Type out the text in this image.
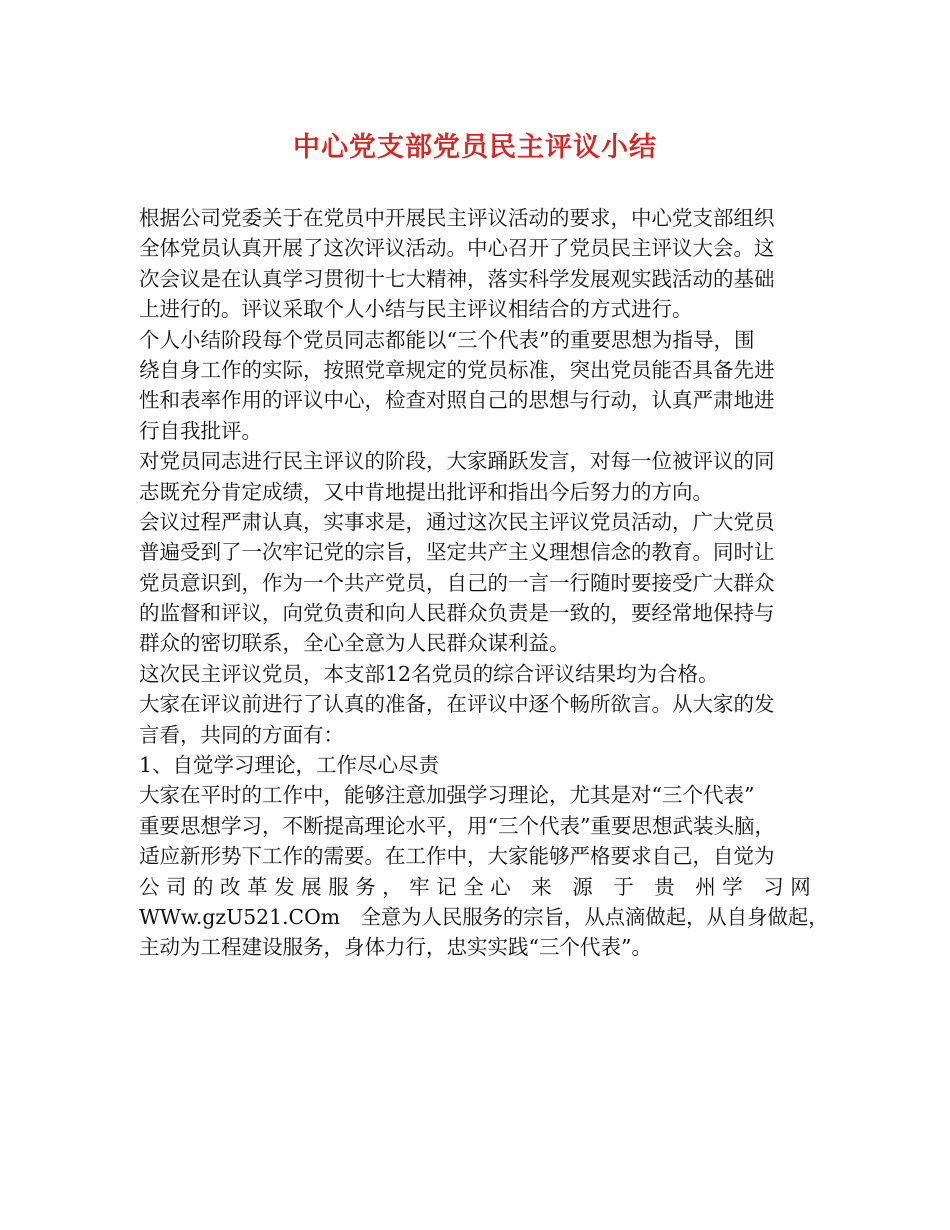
中心党支部党员民主评议小结
根据公司党委关于在党员中开展民主评议活动的要求，中心党支部组织
全体党员认真开展了这次评议活动。中心召开了党员民主评议大会。这
次会议是在认真学习贯彻十七大精神，落实科学发展观实践活动的基础
上进行的。评议采取个人小结与民主评议相结合的方式进行。
个人小结阶段每个党员同志都能以“三个代表”的重要思想为指导，围
绕自身工作的实际，按照党章规定的党员标准，突出党员能否具备先进
性和表率作用的评议中心，检查对照自己的思想与行动，认真严肃地进
行自我批评。
对党员同志进行民主评议的阶段，大家踊跃发言，对每一位被评议的同
志既充分肯定成绩，又中肯地提出批评和指出今后努力的方向。
会议过程严肃认真，实事求是，通过这次民主评议党员活动，广大党员
普遍受到了一次牢记党的宗旨，坚定共产主义理想信念的教育。同时让
党员意识到，作为一个共产党员，自己的一言一行随时要接受广大群众
的监督和评议，向党负责和向人民群众负责是一致的，要经常地保持与
群众的密切联系，全心全意为人民群众谋利益。
这次民主评议党员，本支部12名党员的综合评议结果均为合格。
大家在评议前进行了认真的准备，在评议中逐个畅所欲言。从大家的发
言看，共同的方面有：
1、自觉学习理论，工作尽心尽责
大家在平时的工作中，能够注意加强学习理论，尤其是对“三个代表”
重要思想学习，不断提高理论水平，用“三个代表”重要思想武装头脑，
适应新形势下工作的需要。在工作中，大家能够严格要求自己，自觉为
公 司 的 改 革 发 展 服 务 ， 牢 记 全 心　来　源　于　贵　州 学　习 网
WWw.gzU521.COm　全意为人民服务的宗旨，从点滴做起，从自身做起，
主动为工程建设服务，身体力行，忠实实践“三个代表”。
